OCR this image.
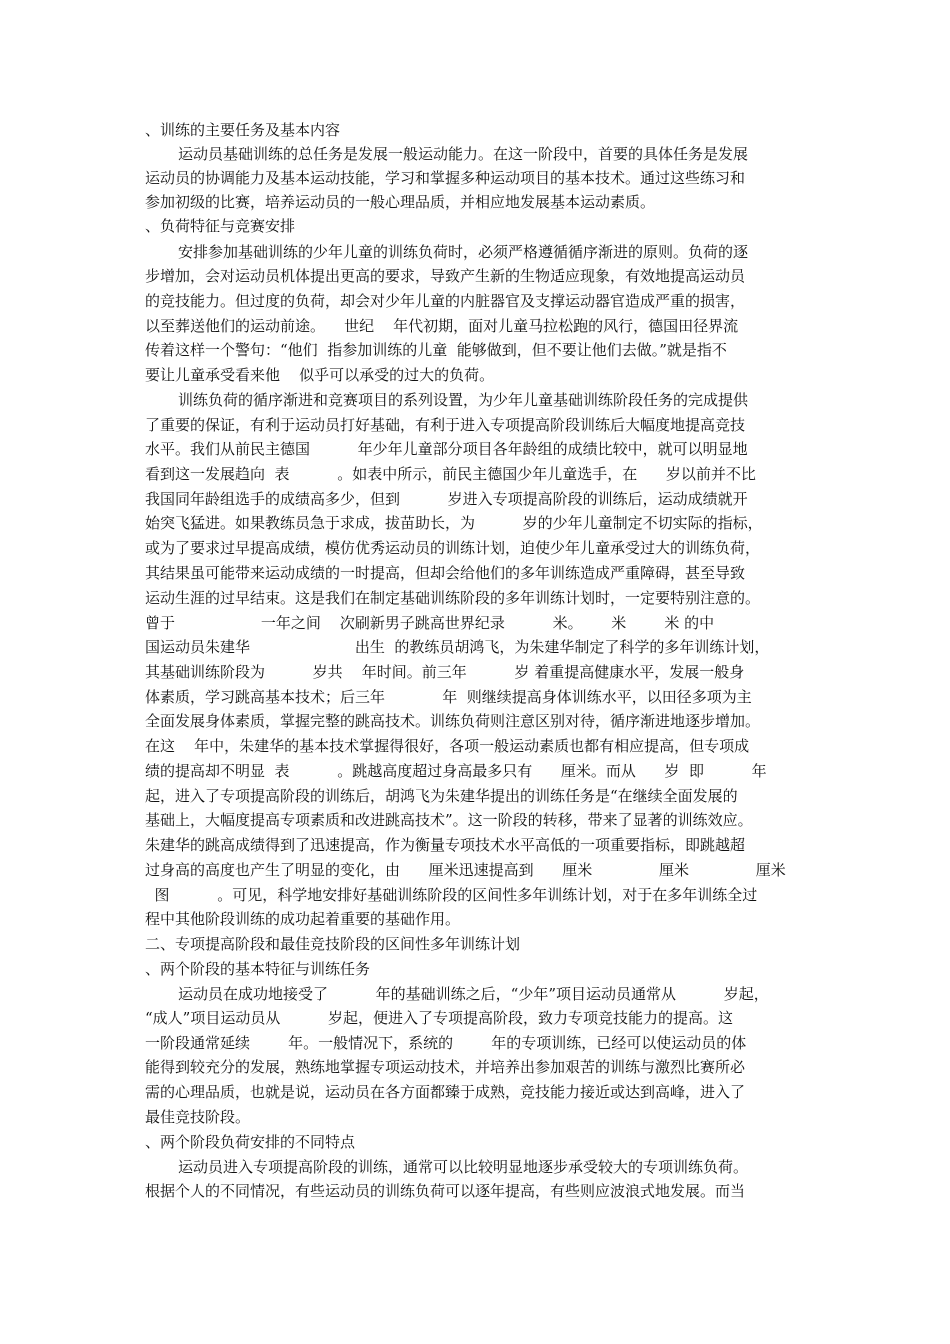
、训练的主要任务及基本内容
运动员基础训练的总任务是发展一般运动能力。在这一阶段中，首要的具体任务是发展
运动员的协调能力及基本运动技能，学习和掌握多种运动项目的基本技术。通过这些练习和
参加初级的比赛，培养运动员的一般心理品质，并相应地发展基本运动素质。
、负荷特征与竞赛安排
安排参加基础训练的少年儿童的训练负荷时，必须严格遵循循序渐进的原则。负荷的逐
步增加，会对运动员机体提出更高的要求，导致产生新的生物适应现象，有效地提高运动员
的竞技能力。但过度的负荷，却会对少年儿童的内脏器官及支撑运动器官造成严重的损害，
以至葬送他们的运动前途。    世纪    年代初期，面对儿童马拉松跑的风行，德国田径界流
传着这样一个警句：“他们  指参加训练的儿童  能够做到，但不要让他们去做。”就是指不
要让儿童承受看来他    似乎可以承受的过大的负荷。
训练负荷的循序渐进和竞赛项目的系列设置，为少年儿童基础训练阶段任务的完成提供
了重要的保证，有利于运动员打好基础，有利于进入专项提高阶段训练后大幅度地提高竞技
水平。我们从前民主德国          年少年儿童部分项目各年龄组的成绩比较中，就可以明显地
看到这一发展趋向  表          。如表中所示，前民主德国少年儿童选手，在      岁以前并不比
我国同年龄组选手的成绩高多少，但到          岁进入专项提高阶段的训练后，运动成绩就开
始突飞猛进。如果教练员急于求成，拔苗助长，为          岁的少年儿童制定不切实际的指标，
或为了要求过早提高成绩，模仿优秀运动员的训练计划，迫使少年儿童承受过大的训练负荷，
其结果虽可能带来运动成绩的一时提高，但却会给他们的多年训练造成严重障碍，甚至导致
运动生涯的过早结束。这是我们在制定基础训练阶段的多年训练计划时，一定要特别注意的。
曾于                  一年之间    次刷新男子跳高世界纪录          米。      米        米 的中
国运动员朱建华                      出生  的教练员胡鸿飞，为朱建华制定了科学的多年训练计划，
其基础训练阶段为          岁共    年时间。前三年          岁 着重提高健康水平，发展一般身
体素质，学习跳高基本技术；后三年            年  则继续提高身体训练水平，以田径多项为主
全面发展身体素质，掌握完整的跳高技术。训练负荷则注意区别对待，循序渐进地逐步增加。
在这    年中，朱建华的基本技术掌握得很好，各项一般运动素质也都有相应提高，但专项成
绩的提高却不明显  表          。跳越高度超过身高最多只有      厘米。而从      岁  即          年
起，进入了专项提高阶段的训练后，胡鸿飞为朱建华提出的训练任务是“在继续全面发展的
基础上，大幅度提高专项素质和改进跳高技术”。这一阶段的转移，带来了显著的训练效应。
朱建华的跳高成绩得到了迅速提高，作为衡量专项技术水平高低的一项重要指标，即跳越超
过身高的高度也产生了明显的变化，由      厘米迅速提高到      厘米              厘米              厘米
图          。可见，科学地安排好基础训练阶段的区间性多年训练计划，对于在多年训练全过
程中其他阶段训练的成功起着重要的基础作用。
二、专项提高阶段和最佳竞技阶段的区间性多年训练计划
、两个阶段的基本特征与训练任务
运动员在成功地接受了          年的基础训练之后，“少年”项目运动员通常从          岁起，
“成人”项目运动员从          岁起，便进入了专项提高阶段，致力专项竞技能力的提高。这
一阶段通常延续        年。一般情况下，系统的        年的专项训练，已经可以使运动员的体
能得到较充分的发展，熟练地掌握专项运动技术，并培养出参加艰苦的训练与激烈比赛所必
需的心理品质，也就是说，运动员在各方面都臻于成熟，竞技能力接近或达到高峰，进入了
最佳竞技阶段。
、两个阶段负荷安排的不同特点
运动员进入专项提高阶段的训练，通常可以比较明显地逐步承受较大的专项训练负荷。
根据个人的不同情况，有些运动员的训练负荷可以逐年提高，有些则应波浪式地发展。而当
